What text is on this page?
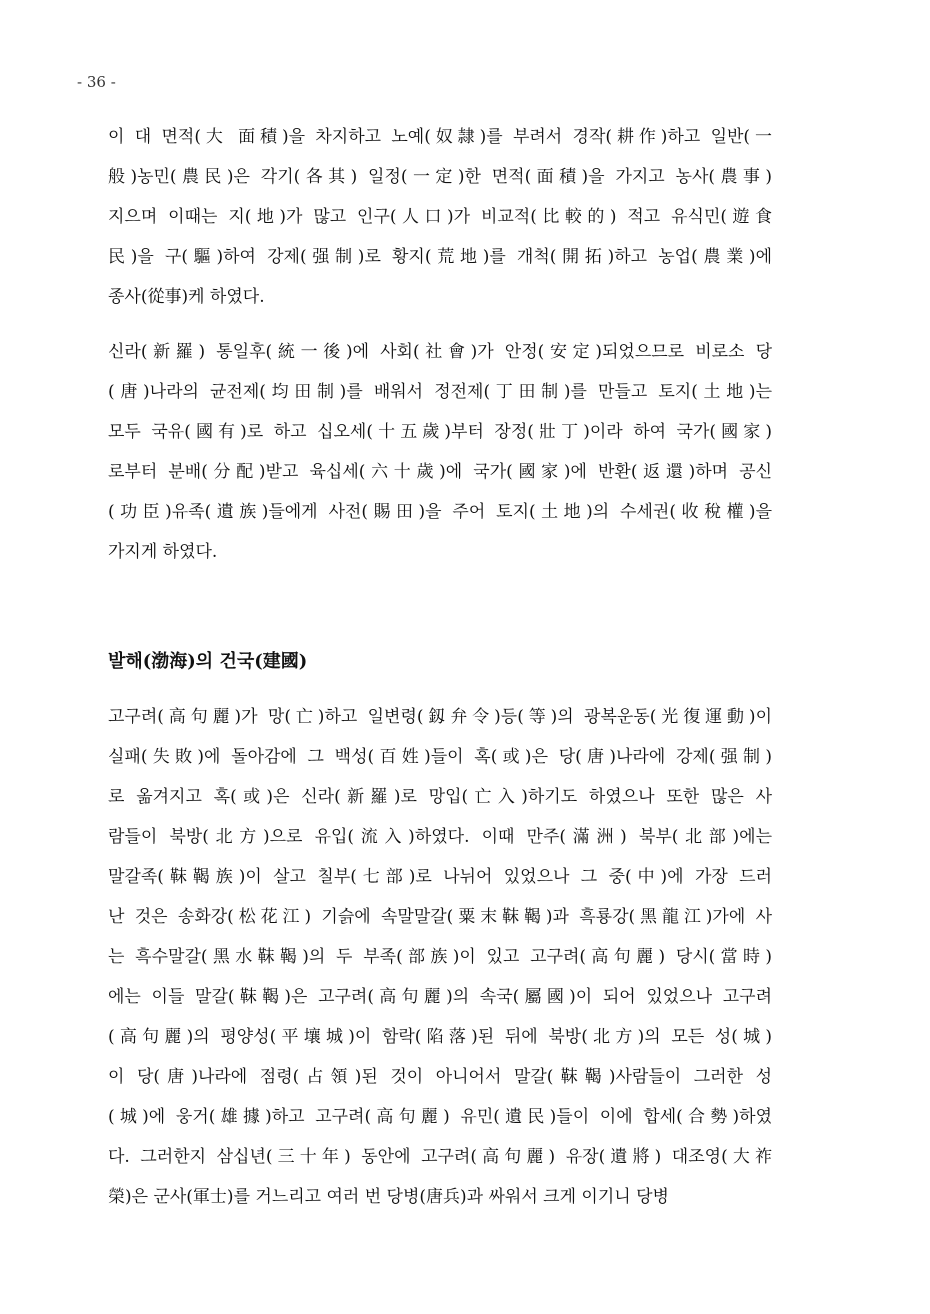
- 36 -
이 대 면적(大 面積)을 차지하고 노예(奴隷)를 부려서 경작(耕作)하고 일반(一
般)농민(農民)은 각기(各其) 일정(一定)한 면적(面積)을 가지고 농사(農事)
지으며 이때는 지(地)가 많고 인구(人口)가 비교적(比較的) 적고 유식민(遊食
民)을 구(驅)하여 강제(强制)로 황지(荒地)를 개척(開拓)하고 농업(農業)에
종사(從事)케 하였다.
신라(新羅) 통일후(統一後)에 사회(社會)가 안정(安定)되었으므로 비로소 당
(唐)나라의 균전제(均田制)를 배워서 정전제(丁田制)를 만들고 토지(土地)는
모두 국유(國有)로 하고 십오세(十五歲)부터 장정(壯丁)이라 하여 국가(國家)
로부터 분배(分配)받고 육십세(六十歲)에 국가(國家)에 반환(返還)하며 공신
(功臣)유족(遺族)들에게 사전(賜田)을 주어 토지(土地)의 수세권(收稅權)을
가지게 하였다.
발해(渤海)의 건국(建國)
고구려(高句麗)가 망(亡)하고 일변령(釼弁令)등(等)의 광복운동(光復運動)이
실패(失敗)에 돌아감에 그 백성(百姓)들이 혹(或)은 당(唐)나라에 강제(强制)
로 옮겨지고 혹(或)은 신라(新羅)로 망입(亡入)하기도 하였으나 또한 많은 사
람들이 북방(北方)으로 유입(流入)하였다. 이때 만주(滿洲) 북부(北部)에는
말갈족(靺鞨族)이 살고 칠부(七部)로 나뉘어 있었으나 그 중(中)에 가장 드러
난 것은 송화강(松花江) 기슭에 속말말갈(粟末靺鞨)과 흑룡강(黑龍江)가에 사
는 흑수말갈(黑水靺鞨)의 두 부족(部族)이 있고 고구려(高句麗) 당시(當時)
에는 이들 말갈(靺鞨)은 고구려(高句麗)의 속국(屬國)이 되어 있었으나 고구려
(高句麗)의 평양성(平壤城)이 함락(陷落)된 뒤에 북방(北方)의 모든 성(城)
이 당(唐)나라에 점령(占領)된 것이 아니어서 말갈(靺鞨)사람들이 그러한 성
(城)에 웅거(雄據)하고 고구려(高句麗) 유민(遺民)들이 이에 합세(合勢)하였
다. 그러한지 삼십년(三十年) 동안에 고구려(高句麗) 유장(遺將) 대조영(大祚
榮)은 군사(軍士)를 거느리고 여러 번 당병(唐兵)과 싸워서 크게 이기니 당병
